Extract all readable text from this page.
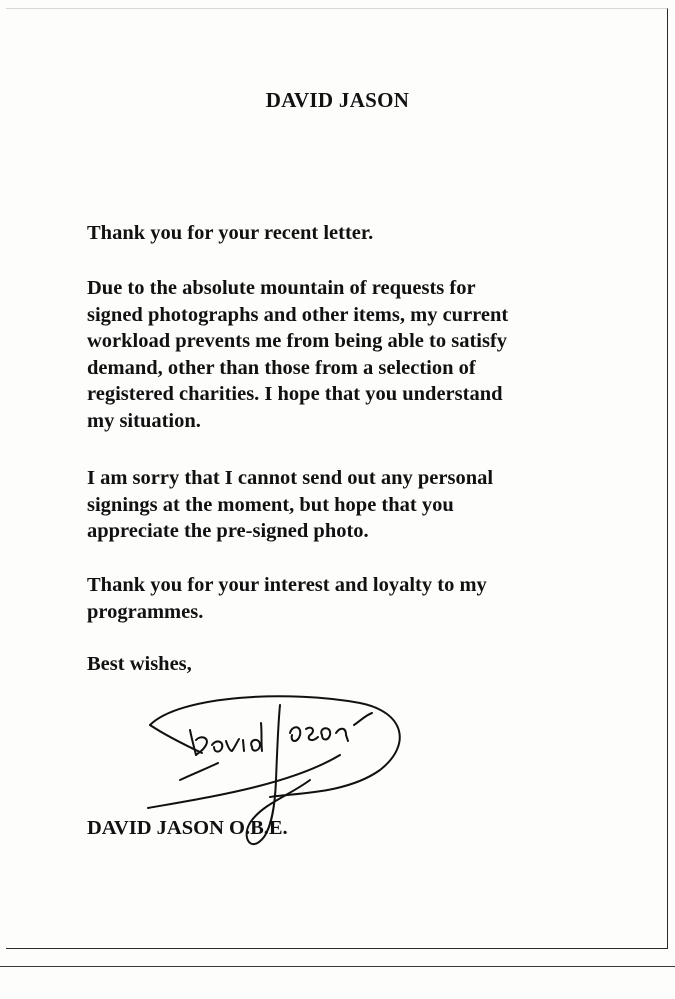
DAVID JASON

Thank you for your recent letter.

Due to the absolute mountain of requests for
signed photographs and other items, my current
workload prevents me from being able to satisfy
demand, other than those from a selection of
registered charities. I hope that you understand
my situation.

I am sorry that I cannot send out any personal
signings at the moment, but hope that you
appreciate the pre-signed photo.

Thank you for your interest and loyalty to my
programmes.

Best wishes,

DAVID JASON O.B.E.
